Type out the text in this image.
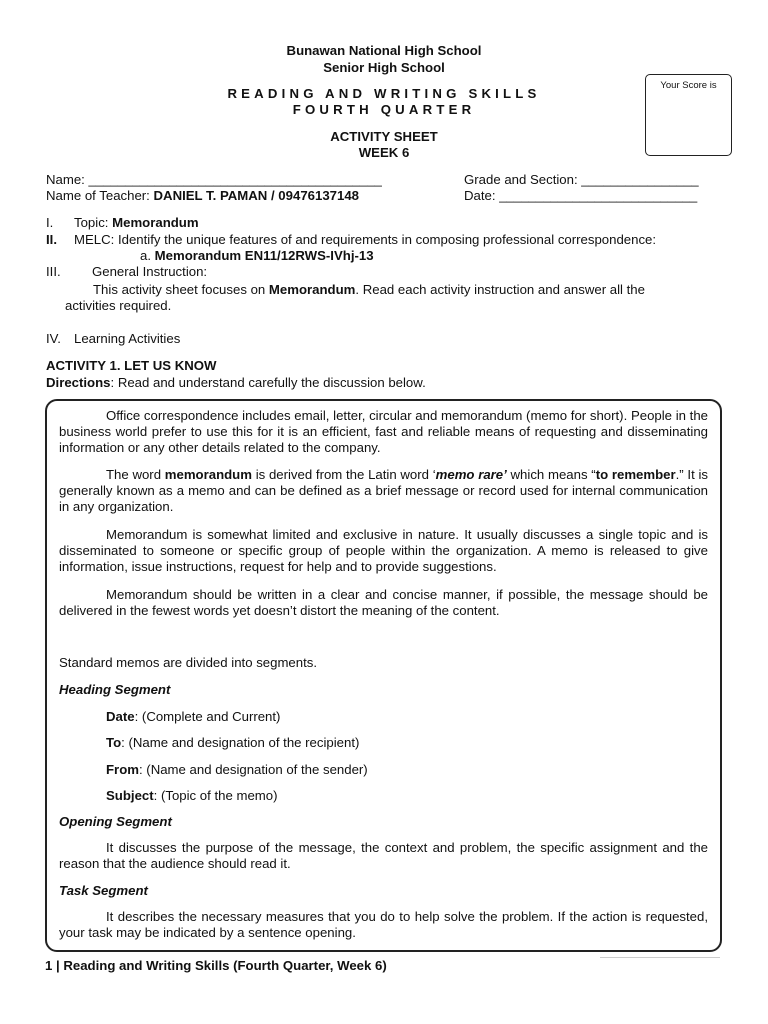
Bunawan National High School
Senior High School
READING AND WRITING SKILLS
FOURTH QUARTER
ACTIVITY SHEET
WEEK 6
Your Score is
Name: ________________________________________
Name of Teacher: DANIEL T. PAMAN / 09476137148
Grade and Section: ________________
Date: ___________________________
I. Topic: Memorandum
II. MELC: Identify the unique features of and requirements in composing professional correspondence:
a. Memorandum EN11/12RWS-IVhj-13
III. General Instruction:
This activity sheet focuses on Memorandum. Read each activity instruction and answer all the
activities required.
IV. Learning Activities
ACTIVITY 1. LET US KNOW
Directions: Read and understand carefully the discussion below.
Office correspondence includes email, letter, circular and memorandum (memo for short). People in the business world prefer to use this for it is an efficient, fast and reliable means of requesting and disseminating information or any other details related to the company.
The word memorandum is derived from the Latin word ‘memo rare’ which means “to remember.” It is generally known as a memo and can be defined as a brief message or record used for internal communication in any organization.
Memorandum is somewhat limited and exclusive in nature. It usually discusses a single topic and is disseminated to someone or specific group of people within the organization. A memo is released to give information, issue instructions, request for help and to provide suggestions.
Memorandum should be written in a clear and concise manner, if possible, the message should be delivered in the fewest words yet doesn’t distort the meaning of the content.
Standard memos are divided into segments.
Heading Segment
Date: (Complete and Current)
To: (Name and designation of the recipient)
From: (Name and designation of the sender)
Subject: (Topic of the memo)
Opening Segment
It discusses the purpose of the message, the context and problem, the specific assignment and the reason that the audience should read it.
Task Segment
It describes the necessary measures that you do to help solve the problem. If the action is requested, your task may be indicated by a sentence opening.
1 | Reading and Writing Skills (Fourth Quarter, Week 6)
